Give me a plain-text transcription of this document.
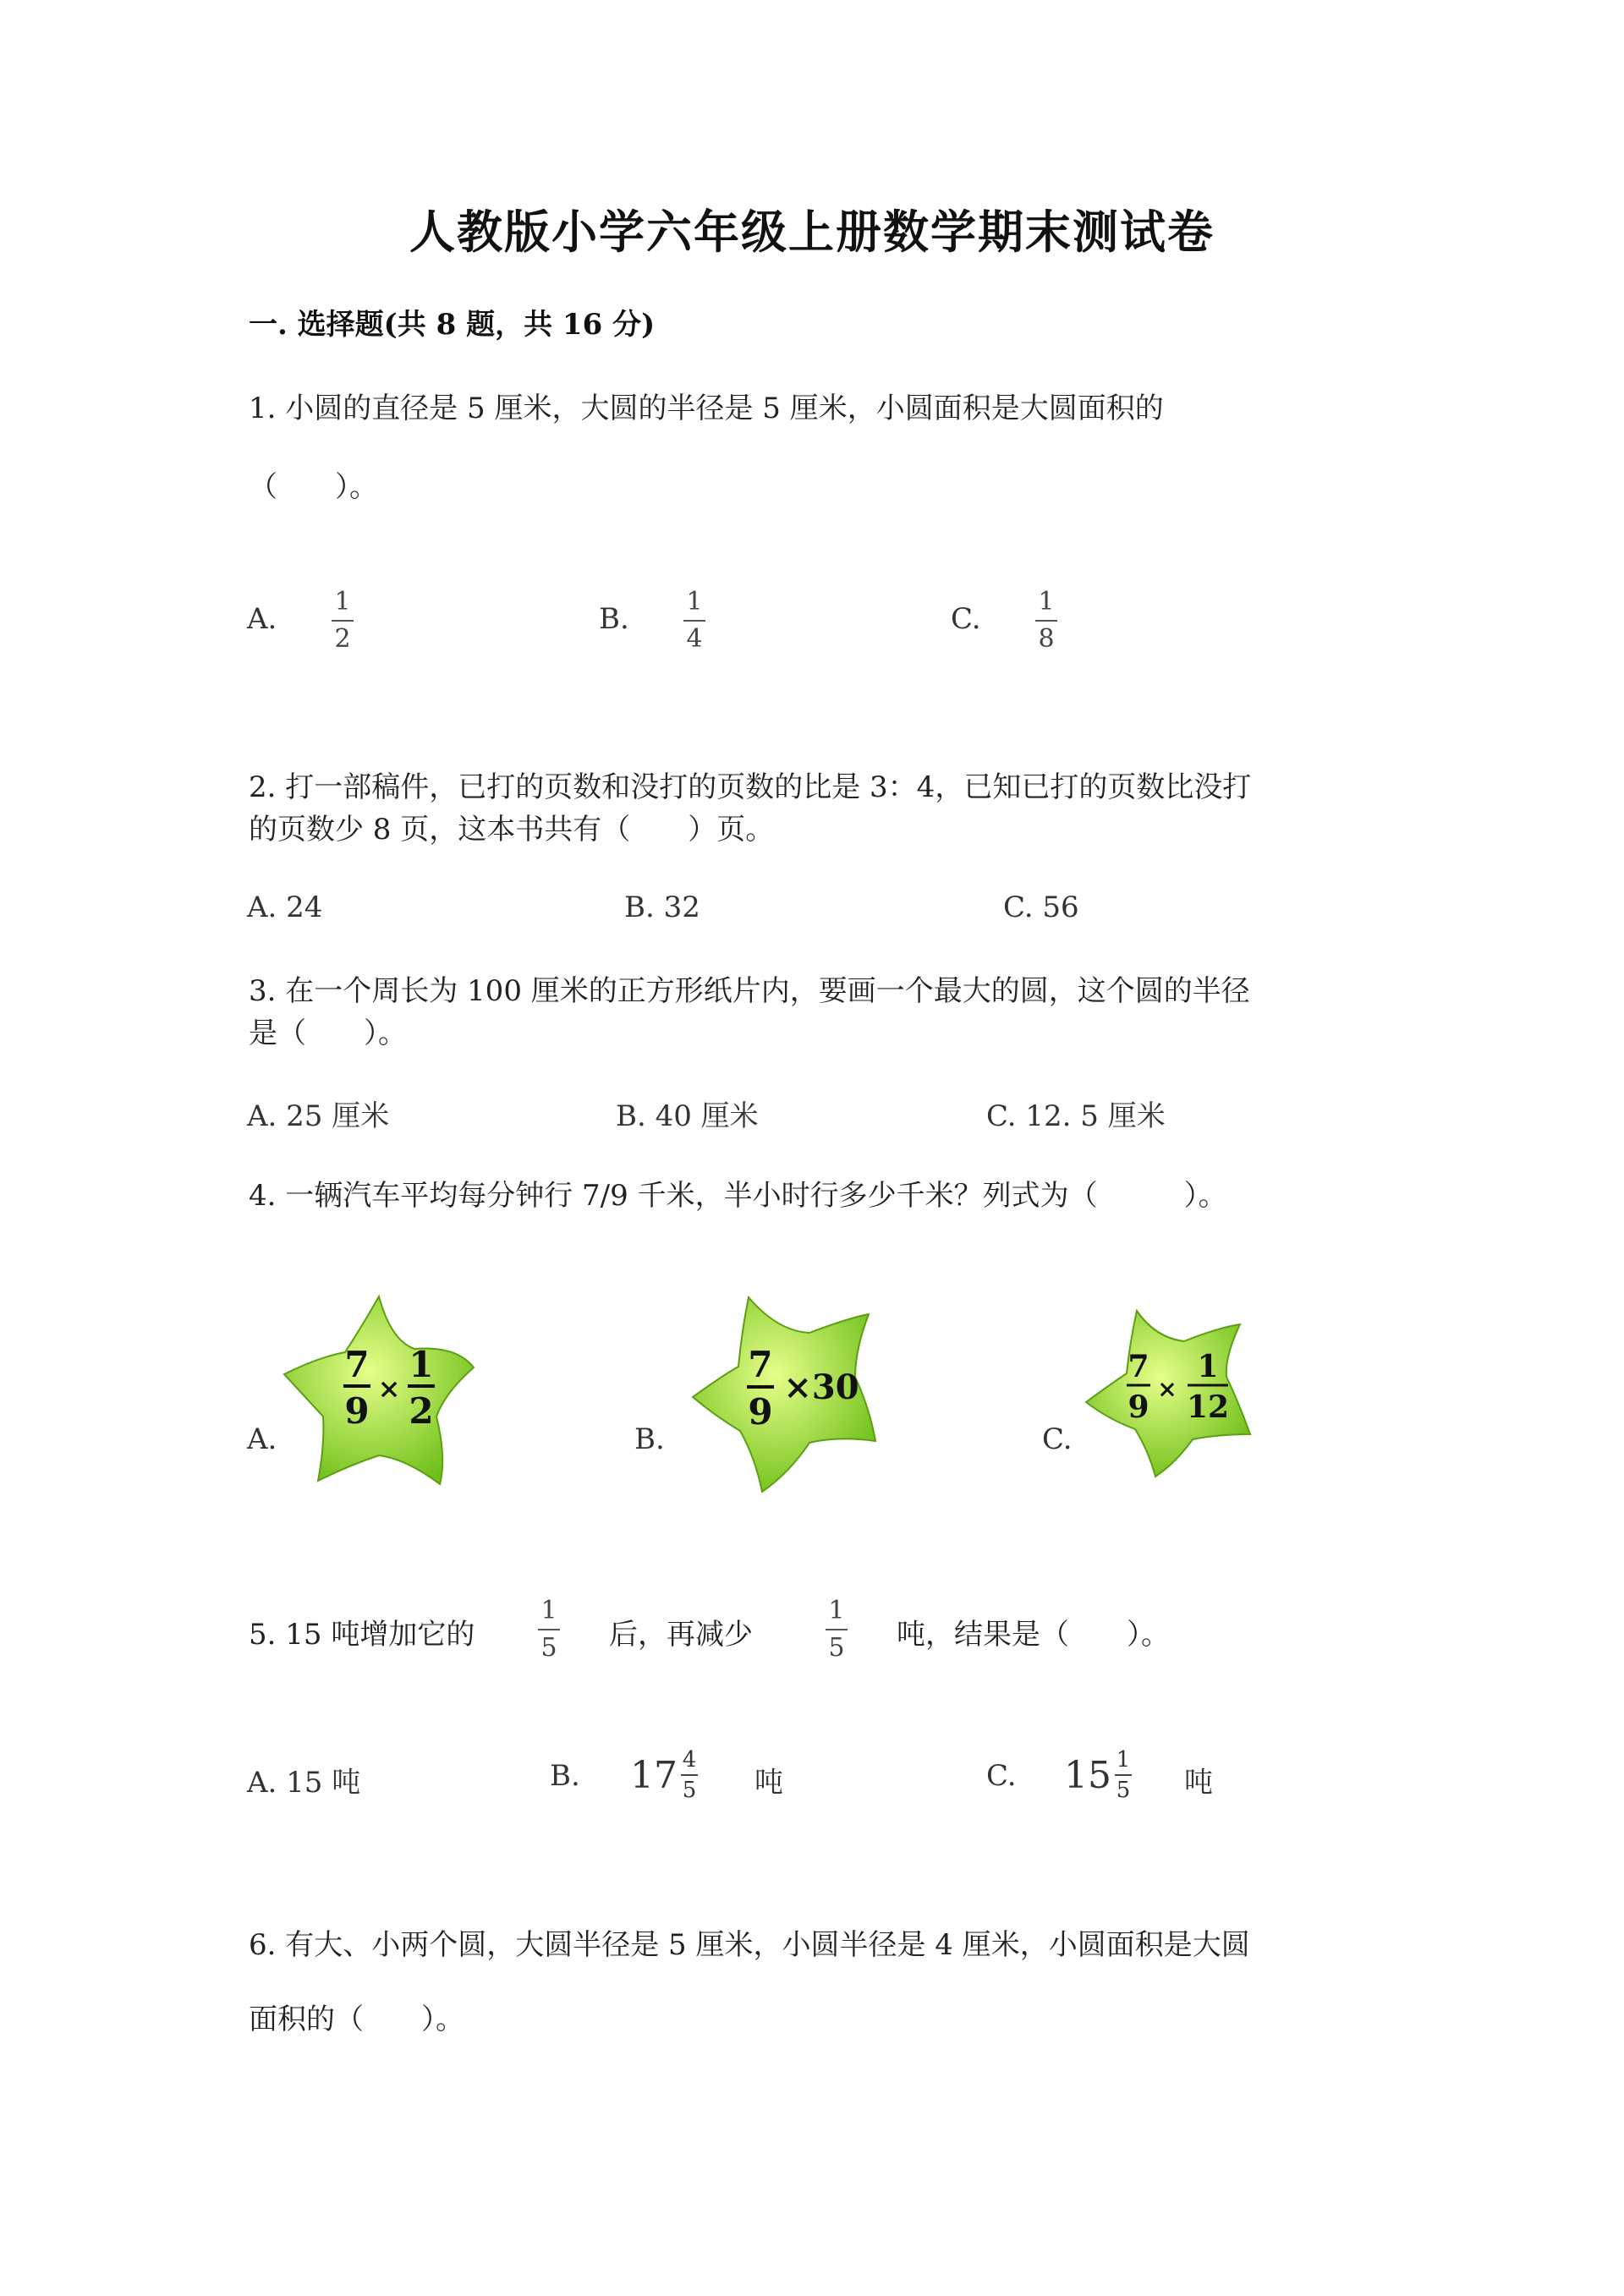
人教版小学六年级上册数学期末测试卷
一. 选择题(共 8 题，共 16 分)
1. 小圆的直径是 5 厘米，大圆的半径是 5 厘米，小圆面积是大圆面积的
（　　）。
A.
1
2
B.
1
4
C.
1
8
2. 打一部稿件，已打的页数和没打的页数的比是 3：4，已知已打的页数比没打
的页数少 8 页，这本书共有（　　）页。
A. 24	B. 32	C. 56
3. 在一个周长为 100 厘米的正方形纸片内，要画一个最大的圆，这个圆的半径
是（　　）。
A. 25 厘米	B. 40 厘米	C. 12. 5 厘米
4. 一辆汽车平均每分钟行 7/9 千米，半小时行多少千米？列式为（　　　）。
A.
7
9
×
1
2
B.
7
9
×30
C.
7
9
×
1
12
5. 15 吨增加它的
1
5 后，再减少
1
5 吨，结果是（　　）。
A. 15 吨	B. 17 4
5 吨	C. 15 1
5 吨
6. 有大、小两个圆，大圆半径是 5 厘米，小圆半径是 4 厘米，小圆面积是大圆
面积的（　　）。
